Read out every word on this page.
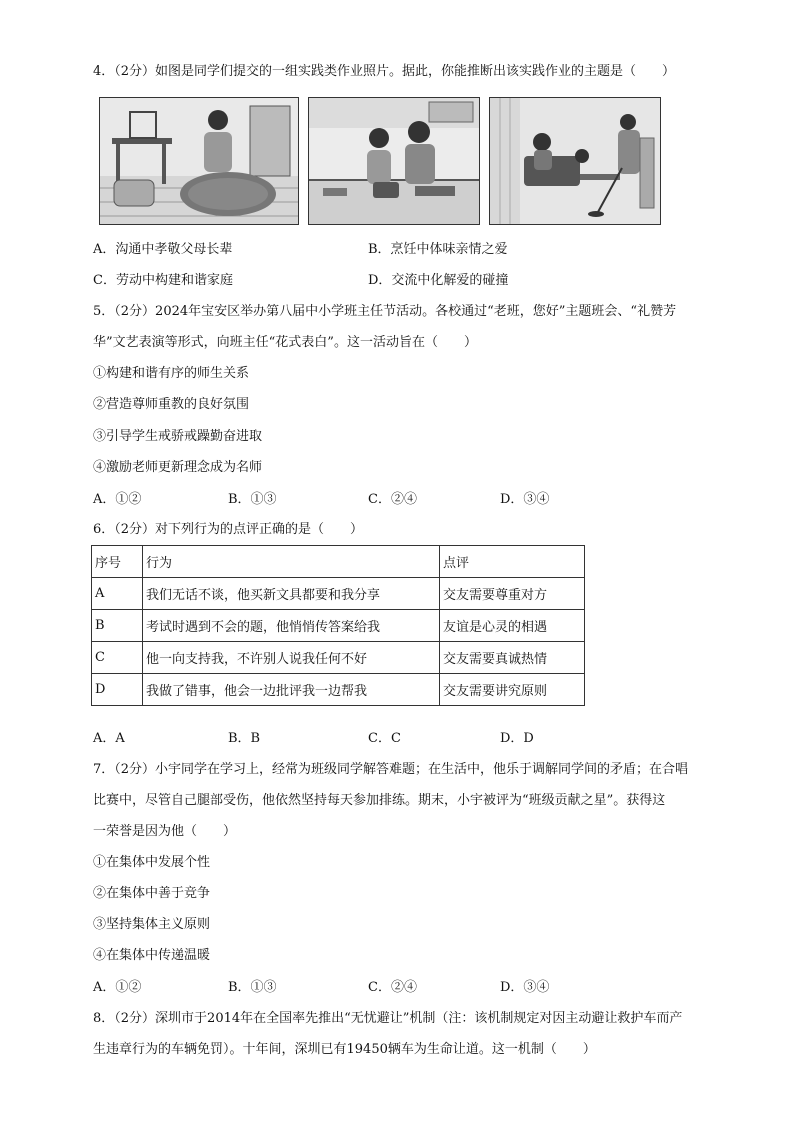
4．（2分）如图是同学们提交的一组实践类作业照片。据此，你能推断出该实践作业的主题是（　　）
A．沟通中孝敬父母长辈	B．烹饪中体味亲情之爱
C．劳动中构建和谐家庭	D．交流中化解爱的碰撞
5．（2分）2024年宝安区举办第八届中小学班主任节活动。各校通过“老班，您好”主题班会、“礼赞芳
华”文艺表演等形式，向班主任“花式表白”。这一活动旨在（　　）
①构建和谐有序的师生关系
②营造尊师重教的良好氛围
③引导学生戒骄戒躁勤奋进取
④激励老师更新理念成为名师
A．①②	B．①③	C．②④	D．③④
6．（2分）对下列行为的点评正确的是（　　）
序号	行为	点评
A	我们无话不谈，他买新文具都要和我分享	交友需要尊重对方
B	考试时遇到不会的题，他悄悄传答案给我	友谊是心灵的相遇
C	他一向支持我，不许别人说我任何不好	交友需要真诚热情
D	我做了错事，他会一边批评我一边帮我	交友需要讲究原则
A．A	B．B	C．C	D．D
7．（2分）小宇同学在学习上，经常为班级同学解答难题；在生活中，他乐于调解同学间的矛盾；在合唱
比赛中，尽管自己腿部受伤，他依然坚持每天参加排练。期末，小宇被评为“班级贡献之星”。获得这
一荣誉是因为他（　　）
①在集体中发展个性
②在集体中善于竞争
③坚持集体主义原则
④在集体中传递温暖
A．①②	B．①③	C．②④	D．③④
8．（2分）深圳市于2014年在全国率先推出“无忧避让”机制（注：该机制规定对因主动避让救护车而产
生违章行为的车辆免罚）。十年间，深圳已有19450辆车为生命让道。这一机制（　　）
